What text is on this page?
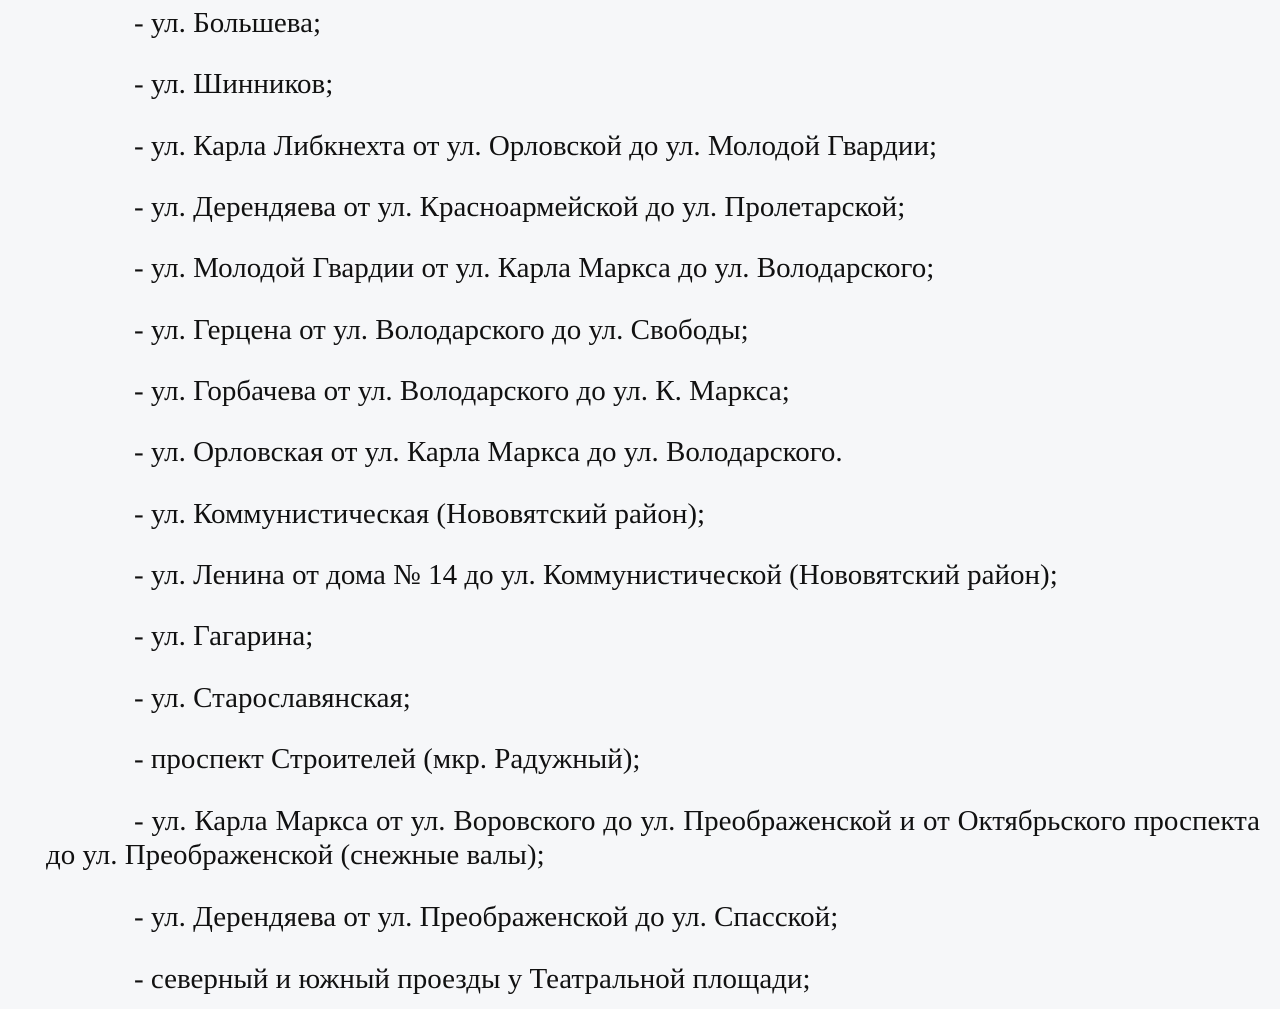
- ул. Большева;

- ул. Шинников;

- ул. Карла Либкнехта от ул. Орловской до ул. Молодой Гвардии;

- ул. Дерендяева от ул. Красноармейской до ул. Пролетарской;

- ул. Молодой Гвардии от ул. Карла Маркса до ул. Володарского;

- ул. Герцена от ул. Володарского до ул. Свободы;

- ул. Горбачева от ул. Володарского до ул. К. Маркса;

- ул. Орловская от ул. Карла Маркса до ул. Володарского.

- ул. Коммунистическая (Нововятский район);

- ул. Ленина от дома № 14 до ул. Коммунистической (Нововятский район);

- ул. Гагарина;

- ул. Старославянская;

- проспект Строителей (мкр. Радужный);

- ул. Карла Маркса от ул. Воровского до ул. Преображенской и от Октябрьского проспекта до ул. Преображенской (снежные валы);

- ул. Дерендяева от ул. Преображенской до ул. Спасской;

- северный и южный проезды у Театральной площади;
